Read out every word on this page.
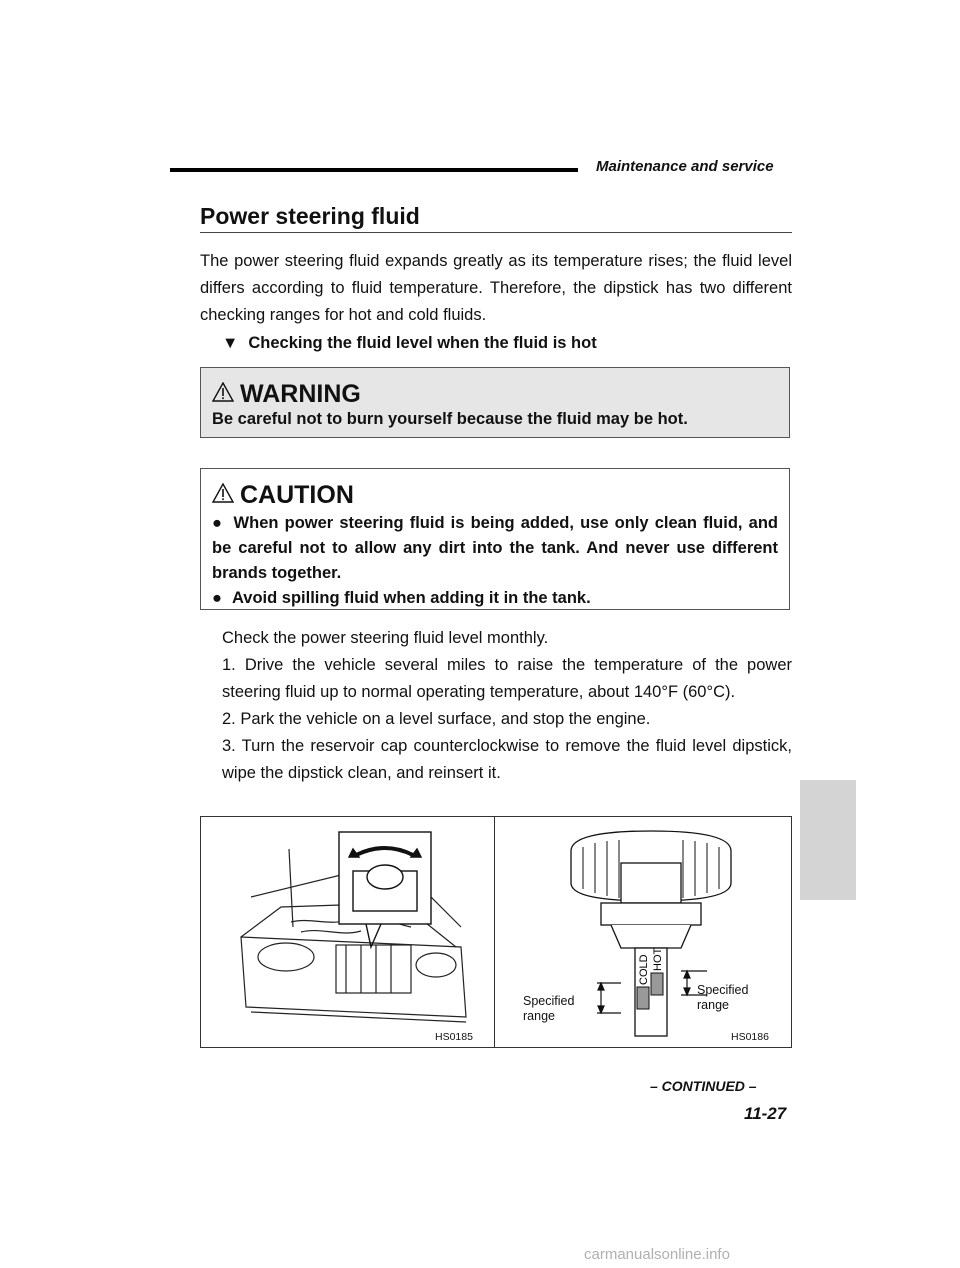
Maintenance and service
Power steering fluid

The power steering fluid expands greatly as its temperature rises; the fluid level differs according to fluid temperature. Therefore, the dipstick has two different checking ranges for hot and cold fluids.

▼ Checking the fluid level when the fluid is hot
WARNING
Be careful not to burn yourself because the fluid may be hot.
CAUTION
● When power steering fluid is being added, use only clean fluid, and be careful not to allow any dirt into the tank. And never use different brands together.
● Avoid spilling fluid when adding it in the tank.

Check the power steering fluid level monthly.

1. Drive the vehicle several miles to raise the temperature of the power steering fluid up to normal operating temperature, about 140°F (60°C).

2. Park the vehicle on a level surface, and stop the engine.

3. Turn the reservoir cap counterclockwise to remove the fluid level dipstick, wipe the dipstick clean, and reinsert it.

HS0185
COLD HOT
Specified
range
Specified
range
HS0186
– CONTINUED –
11-27
carmanualsonline.info
